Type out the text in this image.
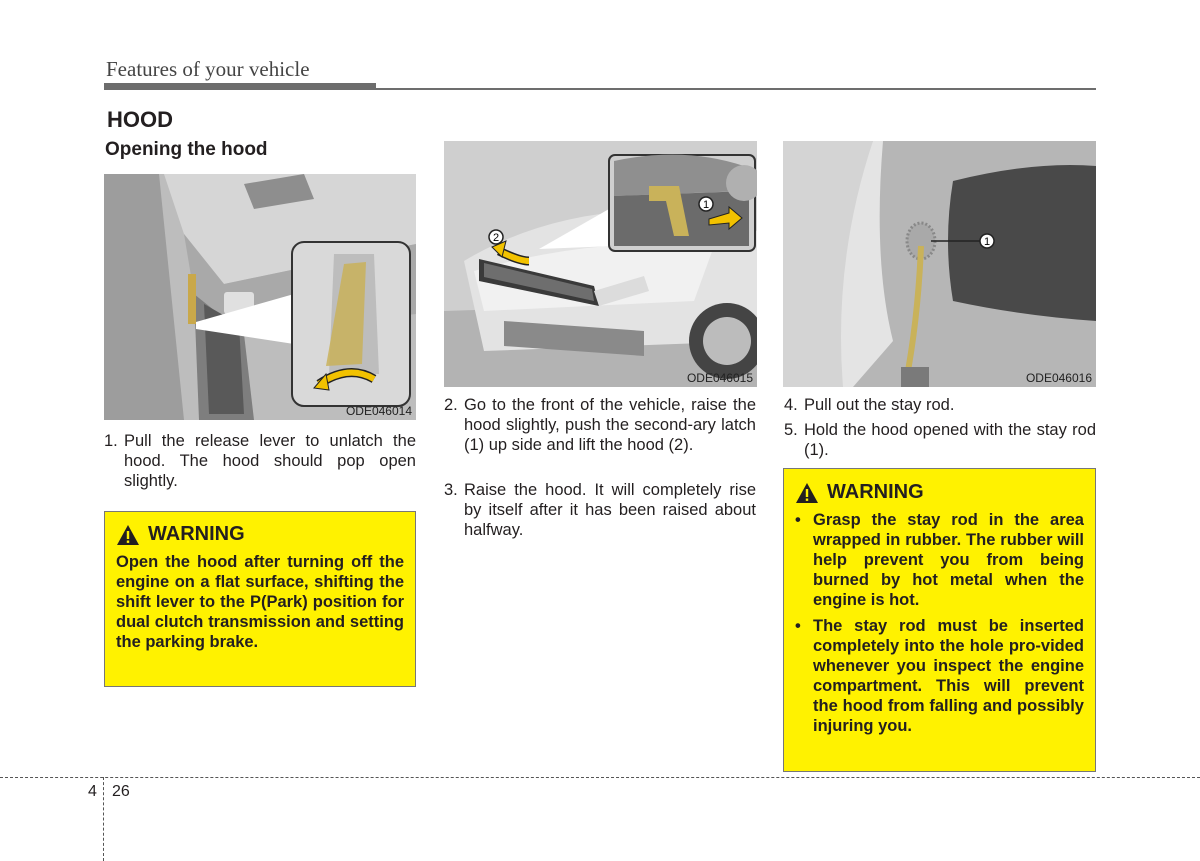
Features of your vehicle
HOOD
Opening the hood
ODE046014
2
1
ODE046015
1
ODE046016
1. Pull the release lever to unlatch the hood. The hood should pop open slightly.
WARNING
Open the hood after turning off the engine on a flat surface, shifting the shift lever to the P(Park) position for dual clutch transmission and setting the parking brake.
2. Go to the front of the vehicle, raise the hood slightly, push the second-ary latch (1) up side and lift the hood (2).
3. Raise the hood. It will completely rise by itself after it has been raised about halfway.
4. Pull out the stay rod.
5. Hold the hood opened with the stay rod (1).
WARNING
• Grasp the stay rod in the area wrapped in rubber. The rubber will help prevent you from being burned by hot metal when the engine is hot.
• The stay rod must be inserted completely into the hole pro-vided whenever you inspect the engine compartment. This will prevent the hood from falling and possibly injuring you.
4 26
